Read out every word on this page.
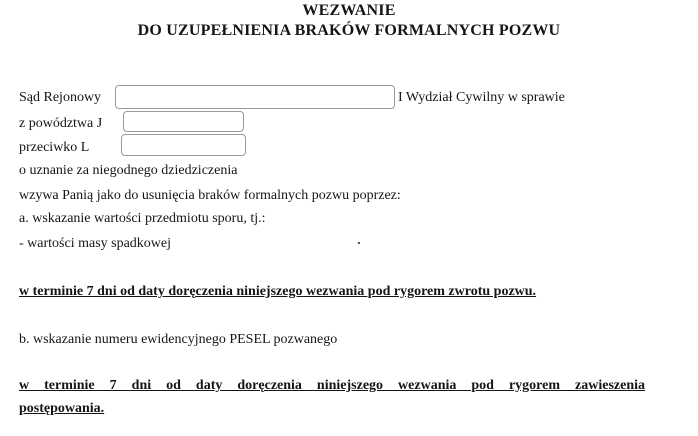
WEZWANIE
DO UZUPEŁNIENIA BRAKÓW FORMALNYCH POZWU
Sąd Rejonowy	I Wydział Cywilny w sprawie
z powództwa J
przeciwko L
o uznanie za niegodnego dziedziczenia
wzywa Panią jako do usunięcia braków formalnych pozwu poprzez:
a. wskazanie wartości przedmiotu sporu, tj.:
- wartości masy spadkowej
w terminie 7 dni od daty doręczenia niniejszego wezwania pod rygorem zwrotu pozwu.
b. wskazanie numeru ewidencyjnego PESEL pozwanego
w terminie 7 dni od daty doręczenia niniejszego wezwania pod rygorem zawieszenia
postępowania.
